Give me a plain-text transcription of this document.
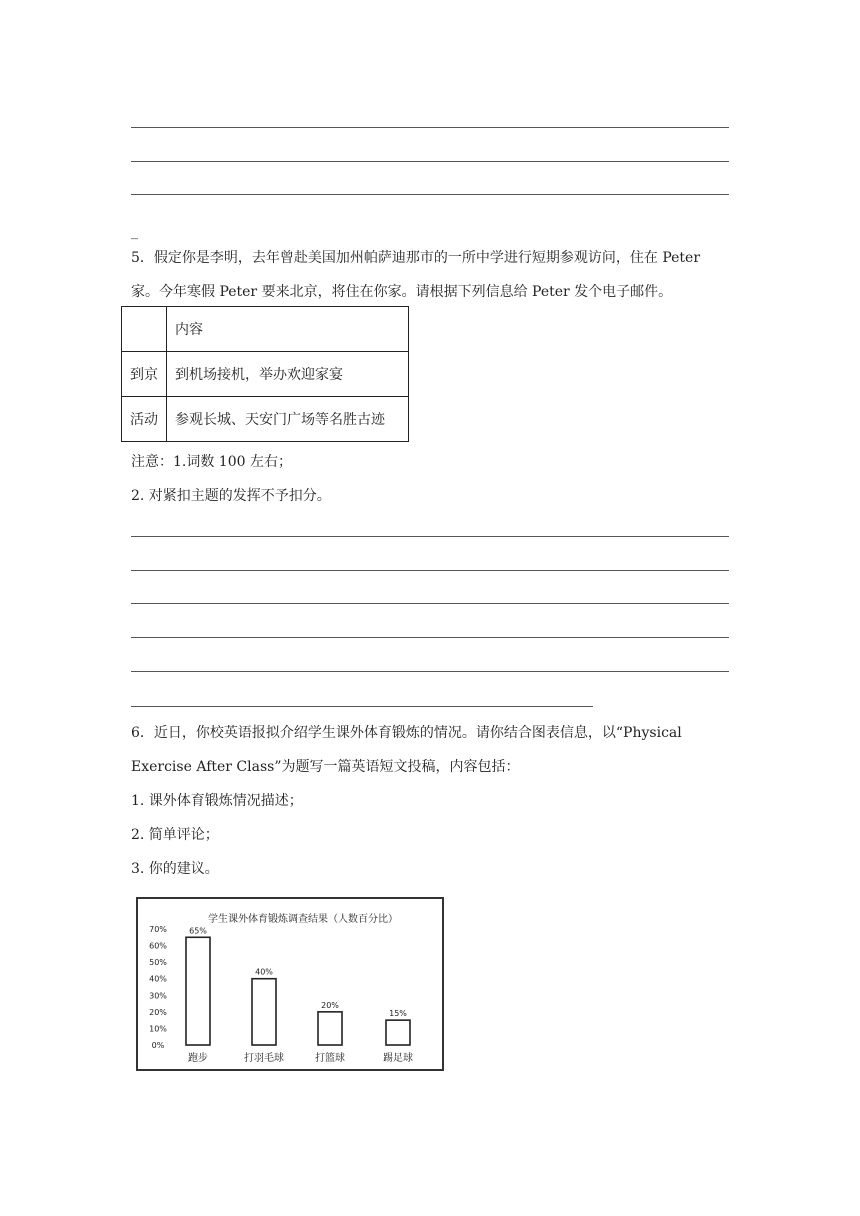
_
5．假定你是李明，去年曾赴美国加州帕萨迪那市的一所中学进行短期参观访问，住在 Peter
家。今年寒假 Peter 要来北京，将住在你家。请根据下列信息给 Peter 发个电子邮件。
	内容
到京	到机场接机，举办欢迎家宴
活动	参观长城、天安门广场等名胜古迹
注意：1.词数 100 左右；
2. 对紧扣主题的发挥不予扣分。
6．近日，你校英语报拟介绍学生课外体育锻炼的情况。请你结合图表信息，以“Physical
Exercise After Class”为题写一篇英语短文投稿，内容包括：
1. 课外体育锻炼情况描述；
2. 简单评论；
3. 你的建议。
学生课外体育锻炼调查结果（人数百分比）
70%
60%
50%
40%
30%
20%
10%
0%
65%
40%
20%
15%
跑步	打羽毛球	打篮球	踢足球
